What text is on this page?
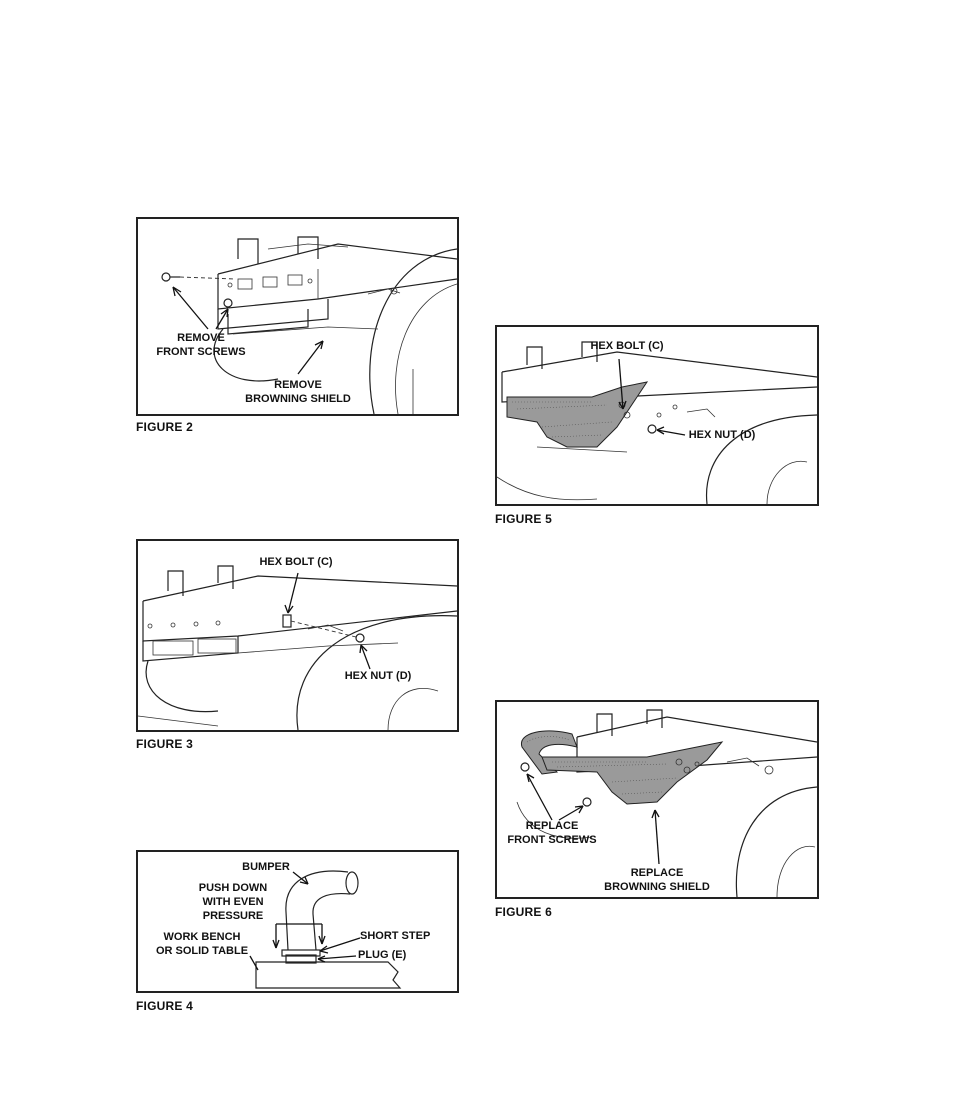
REMOVE
FRONT SCREWS
REMOVE
BROWNING SHIELD
FIGURE 2
HEX BOLT (C)
HEX NUT (D)
FIGURE 3
BUMPER
PUSH DOWN
WITH EVEN
PRESSURE
WORK BENCH
OR SOLID TABLE
SHORT STEP
PLUG (E)
FIGURE 4
HEX BOLT (C)
HEX NUT (D)
FIGURE 5
REPLACE
FRONT SCREWS
REPLACE
BROWNING SHIELD
FIGURE 6
